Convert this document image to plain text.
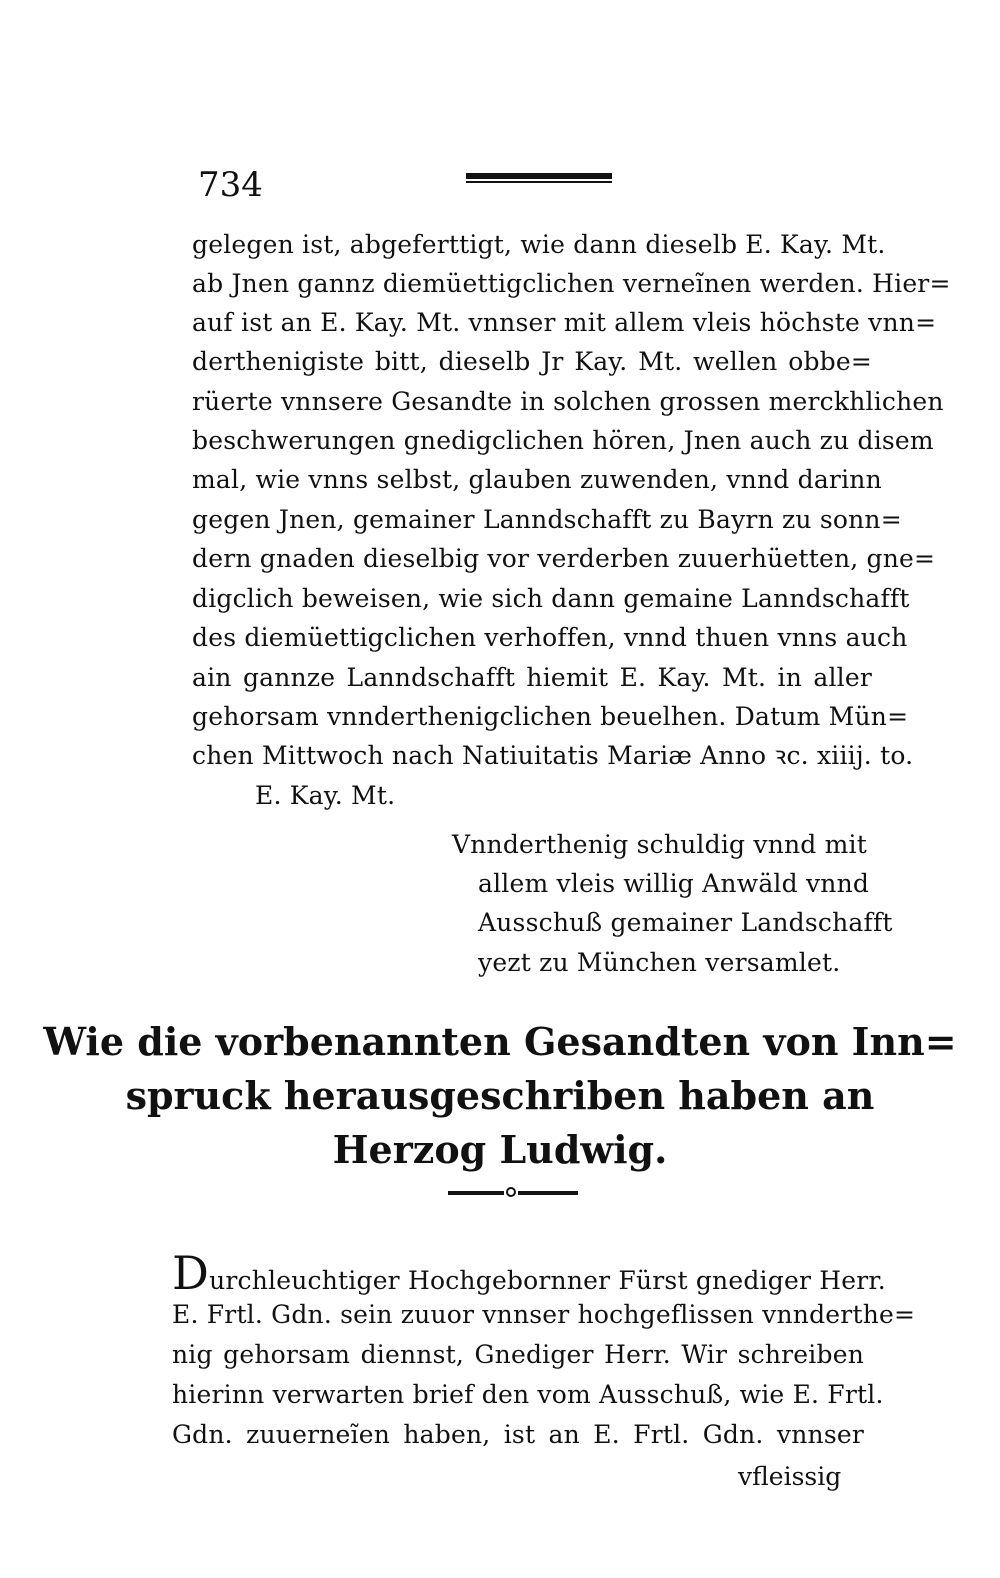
734
gelegen ist, abgeferttigt, wie dann dieselb E. Kay. Mt.
ab Jnen gannz diemüettigclichen verneĩnen werden. Hier=
auf ist an E. Kay. Mt. vnnser mit allem vleis höchste vnn=
derthenigiste bitt, dieselb Jr Kay. Mt. wellen obbe=
rüerte vnnsere Gesandte in solchen grossen merckhlichen
beschwerungen gnedigclichen hören, Jnen auch zu disem
mal, wie vnns selbst, glauben zuwenden, vnnd darinn
gegen Jnen, gemainer Lanndschafft zu Bayrn zu sonn=
dern gnaden dieselbig vor verderben zuuerhüetten, gne=
digclich beweisen, wie sich dann gemaine Lanndschafft
des diemüettigclichen verhoffen, vnnd thuen vnns auch
ain gannze Lanndschafft hiemit E. Kay. Mt. in aller
gehorsam vnnderthenigclichen beuelhen. Datum Mün=
chen Mittwoch nach Natiuitatis Mariæ Anno ꝛc. xiiij. to.
E. Kay. Mt.
Vnnderthenig schuldig vnnd mit
allem vleis willig Anwäld vnnd
Ausschuß gemainer Landschafft
yezt zu München versamlet.
Wie die vorbenannten Gesandten von Inn=
spruck herausgeschriben haben an
Herzog Ludwig.
Durchleuchtiger Hochgebornner Fürst gnediger Herr.
E. Frtl. Gdn. sein zuuor vnnser hochgeflissen vnnderthe=
nig gehorsam diennst, Gnediger Herr. Wir schreiben
hierinn verwarten brief den vom Ausschuß, wie E. Frtl.
Gdn. zuuerneĩen haben, ist an E. Frtl. Gdn. vnnser
vfleissig
